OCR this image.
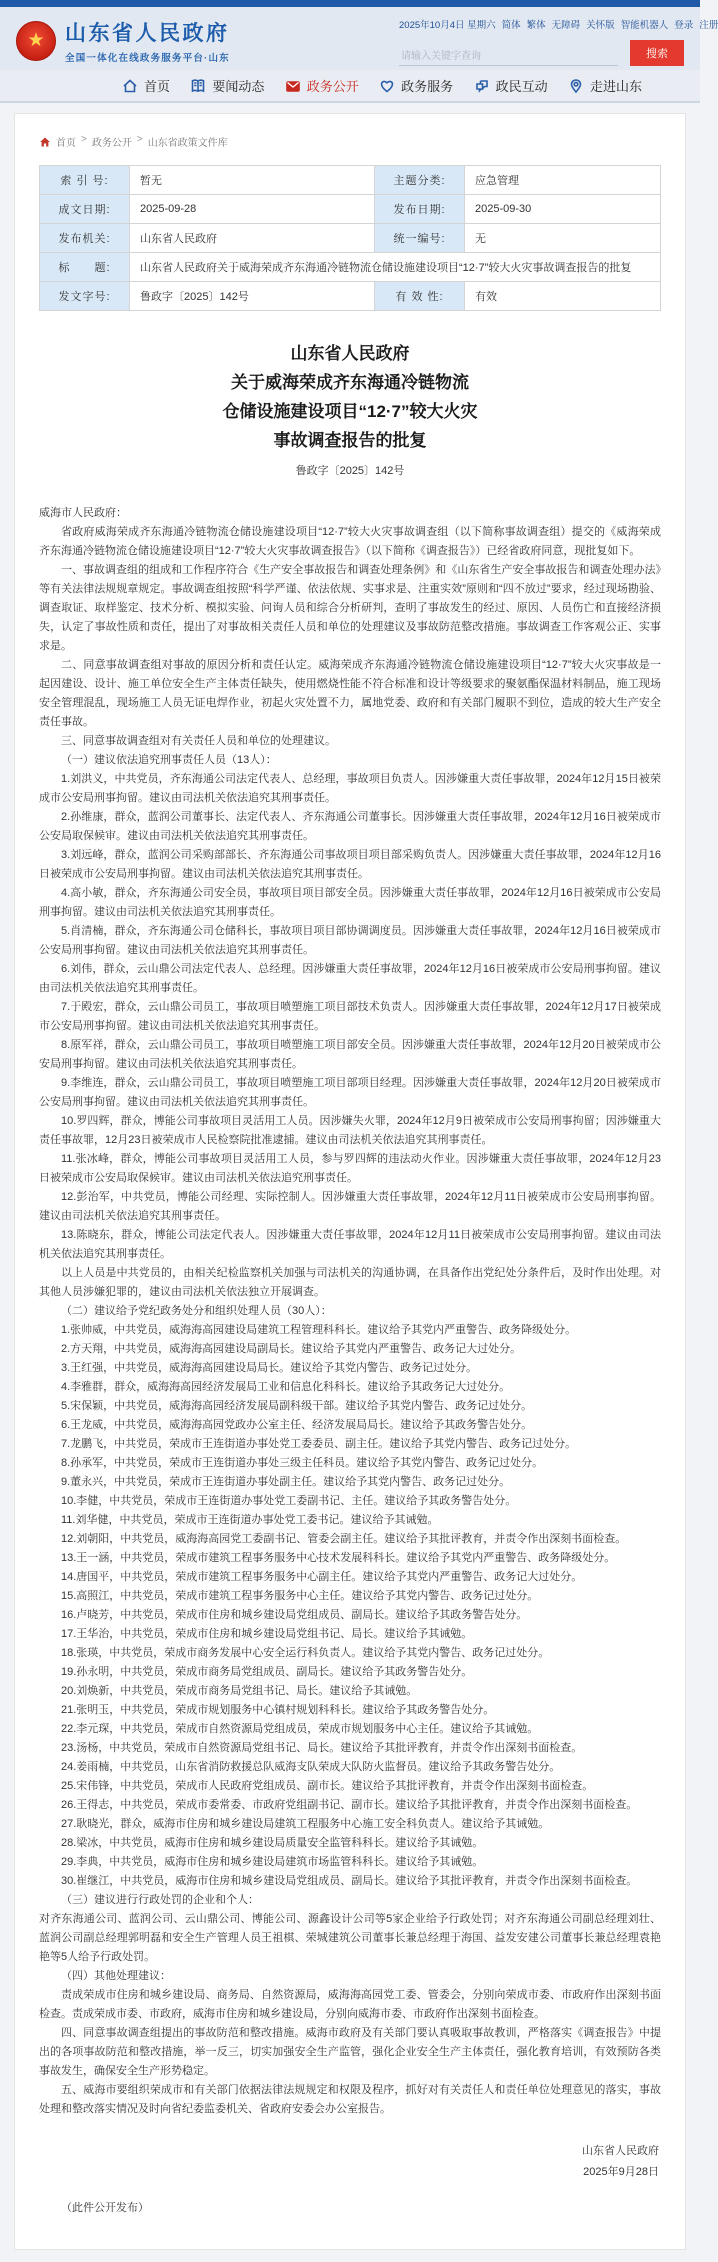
★ 山东省人民政府
全国一体化在线政务服务平台·山东
2025年10月4日 星期六 简体 繁体 无障碍 关怀版 智能机器人 登录 注册
请输入关键字查询
搜索
首页	要闻动态	政务公开	政务服务	政民互动	走进山东
首页 > 政务公开 > 山东省政策文件库
索 引 号:	暂无	主题分类:	应急管理
成文日期:	2025-09-28	发布日期:	2025-09-30
发布机关:	山东省人民政府	统一编号:	无
标　　题:	山东省人民政府关于威海荣成齐东海通冷链物流仓储设施建设项目“12·7”较大火灾事故调查报告的批复		
发文字号:	鲁政字〔2025〕142号	有 效 性:	有效
山东省人民政府
关于威海荣成齐东海通冷链物流
仓储设施建设项目“12·7”较大火灾
事故调查报告的批复
鲁政字〔2025〕142号

威海市人民政府：

省政府威海荣成齐东海通冷链物流仓储设施建设项目“12·7”较大火灾事故调查组（以下简称事故调查组）提交的《威海荣成齐东海通冷链物流仓储设施建设项目“12·7”较大火灾事故调查报告》（以下简称《调查报告》）已经省政府同意，现批复如下。

一、事故调查组的组成和工作程序符合《生产安全事故报告和调查处理条例》和《山东省生产安全事故报告和调查处理办法》等有关法律法规规章规定。事故调查组按照“科学严谨、依法依规、实事求是、注重实效”原则和“四不放过”要求，经过现场勘验、调查取证、取样鉴定、技术分析、模拟实验、问询人员和综合分析研判，查明了事故发生的经过、原因、人员伤亡和直接经济损失，认定了事故性质和责任，提出了对事故相关责任人员和单位的处理建议及事故防范整改措施。事故调查工作客观公正、实事求是。

二、同意事故调查组对事故的原因分析和责任认定。威海荣成齐东海通冷链物流仓储设施建设项目“12·7”较大火灾事故是一起因建设、设计、施工单位安全生产主体责任缺失，使用燃烧性能不符合标准和设计等级要求的聚氨酯保温材料制品，施工现场安全管理混乱，现场施工人员无证电焊作业，初起火灾处置不力，属地党委、政府和有关部门履职不到位，造成的较大生产安全责任事故。

三、同意事故调查组对有关责任人员和单位的处理建议。

（一）建议依法追究刑事责任人员（13人）：

1.刘洪义，中共党员，齐东海通公司法定代表人、总经理，事故项目负责人。因涉嫌重大责任事故罪，2024年12月15日被荣成市公安局刑事拘留。建议由司法机关依法追究其刑事责任。

2.孙维康，群众，蓝润公司董事长、法定代表人、齐东海通公司董事长。因涉嫌重大责任事故罪，2024年12月16日被荣成市公安局取保候审。建议由司法机关依法追究其刑事责任。

3.刘远峰，群众，蓝润公司采购部部长、齐东海通公司事故项目项目部采购负责人。因涉嫌重大责任事故罪，2024年12月16日被荣成市公安局刑事拘留。建议由司法机关依法追究其刑事责任。

4.高小敏，群众，齐东海通公司安全员，事故项目项目部安全员。因涉嫌重大责任事故罪，2024年12月16日被荣成市公安局刑事拘留。建议由司法机关依法追究其刑事责任。

5.肖清楠，群众，齐东海通公司仓储科长，事故项目项目部协调调度员。因涉嫌重大责任事故罪，2024年12月16日被荣成市公安局刑事拘留。建议由司法机关依法追究其刑事责任。

6.刘伟，群众，云山鼎公司法定代表人、总经理。因涉嫌重大责任事故罪，2024年12月16日被荣成市公安局刑事拘留。建议由司法机关依法追究其刑事责任。

7.于殿宏，群众，云山鼎公司员工，事故项目喷塑施工项目部技术负责人。因涉嫌重大责任事故罪，2024年12月17日被荣成市公安局刑事拘留。建议由司法机关依法追究其刑事责任。

8.原军祥，群众，云山鼎公司员工，事故项目喷塑施工项目部安全员。因涉嫌重大责任事故罪，2024年12月20日被荣成市公安局刑事拘留。建议由司法机关依法追究其刑事责任。

9.李维连，群众，云山鼎公司员工，事故项目喷塑施工项目部项目经理。因涉嫌重大责任事故罪，2024年12月20日被荣成市公安局刑事拘留。建议由司法机关依法追究其刑事责任。

10.罗四辉，群众，博能公司事故项目灵活用工人员。因涉嫌失火罪，2024年12月9日被荣成市公安局刑事拘留；因涉嫌重大责任事故罪，12月23日被荣成市人民检察院批准逮捕。建议由司法机关依法追究其刑事责任。

11.张冰峰，群众，博能公司事故项目灵活用工人员，参与罗四辉的违法动火作业。因涉嫌重大责任事故罪，2024年12月23日被荣成市公安局取保候审。建议由司法机关依法追究刑事责任。

12.彭治军，中共党员，博能公司经理、实际控制人。因涉嫌重大责任事故罪，2024年12月11日被荣成市公安局刑事拘留。建议由司法机关依法追究其刑事责任。

13.陈晓东，群众，博能公司法定代表人。因涉嫌重大责任事故罪，2024年12月11日被荣成市公安局刑事拘留。建议由司法机关依法追究其刑事责任。

以上人员是中共党员的，由相关纪检监察机关加强与司法机关的沟通协调，在具备作出党纪处分条件后，及时作出处理。对其他人员涉嫌犯罪的，建议由司法机关依法独立开展调查。

（二）建议给予党纪政务处分和组织处理人员（30人）：

1.张帅威，中共党员，威海海高园建设局建筑工程管理科科长。建议给予其党内严重警告、政务降级处分。

2.方天翔，中共党员，威海海高园建设局副局长。建议给予其党内严重警告、政务记大过处分。

3.王红强，中共党员，威海海高园建设局局长。建议给予其党内警告、政务记过处分。

4.李雅群，群众，威海海高园经济发展局工业和信息化科科长。建议给予其政务记大过处分。

5.宋保颖，中共党员，威海海高园经济发展局副科级干部。建议给予其党内警告、政务记过处分。

6.王龙威，中共党员，威海海高园党政办公室主任、经济发展局局长。建议给予其政务警告处分。

7.龙鹏飞，中共党员，荣成市王连街道办事处党工委委员、副主任。建议给予其党内警告、政务记过处分。

8.孙承军，中共党员，荣成市王连街道办事处三级主任科员。建议给予其党内警告、政务记过处分。

9.董永兴，中共党员，荣成市王连街道办事处副主任。建议给予其党内警告、政务记过处分。

10.李健，中共党员，荣成市王连街道办事处党工委副书记、主任。建议给予其政务警告处分。

11.刘华健，中共党员，荣成市王连街道办事处党工委书记。建议给予其诫勉。

12.刘朝阳，中共党员，威海海高园党工委副书记、管委会副主任。建议给予其批评教育，并责令作出深刻书面检查。

13.王一涵，中共党员，荣成市建筑工程事务服务中心技术发展科科长。建议给予其党内严重警告、政务降级处分。

14.唐国平，中共党员，荣成市建筑工程事务服务中心副主任。建议给予其党内严重警告、政务记大过处分。

15.高照江，中共党员，荣成市建筑工程事务服务中心主任。建议给予其党内警告、政务记过处分。

16.卢晓芳，中共党员，荣成市住房和城乡建设局党组成员、副局长。建议给予其政务警告处分。

17.王华治，中共党员，荣成市住房和城乡建设局党组书记、局长。建议给予其诫勉。

18.张瑛，中共党员，荣成市商务发展中心安全运行科负责人。建议给予其党内警告、政务记过处分。

19.孙永明，中共党员，荣成市商务局党组成员、副局长。建议给予其政务警告处分。

20.刘焕新，中共党员，荣成市商务局党组书记、局长。建议给予其诫勉。

21.张明玉，中共党员，荣成市规划服务中心镇村规划科科长。建议给予其政务警告处分。

22.李元琛，中共党员，荣成市自然资源局党组成员，荣成市规划服务中心主任。建议给予其诫勉。

23.汤杨，中共党员，荣成市自然资源局党组书记、局长。建议给予其批评教育，并责令作出深刻书面检查。

24.姜雨楠，中共党员，山东省消防救援总队威海支队荣成大队防火监督员。建议给予其政务警告处分。

25.宋伟锋，中共党员，荣成市人民政府党组成员、副市长。建议给予其批评教育，并责令作出深刻书面检查。

26.王得志，中共党员，荣成市委常委、市政府党组副书记、副市长。建议给予其批评教育，并责令作出深刻书面检查。

27.耿晓光，群众，威海市住房和城乡建设局建筑工程服务中心施工安全科负责人。建议给予其诫勉。

28.梁冰，中共党员，威海市住房和城乡建设局质量安全监管科科长。建议给予其诫勉。

29.李典，中共党员，威海市住房和城乡建设局建筑市场监管科科长。建议给予其诫勉。

30.崔继江，中共党员，威海市住房和城乡建设局党组成员、副局长。建议给予其批评教育，并责令作出深刻书面检查。

（三）建议进行行政处罚的企业和个人：

对齐东海通公司、蓝润公司、云山鼎公司、博能公司、源鑫设计公司等5家企业给予行政处罚；对齐东海通公司副总经理刘壮、蓝润公司副总经理郭明磊和安全生产管理人员王祖棋、荣城建筑公司董事长兼总经理于海国、益发安建公司董事长兼总经理袁艳艳等5人给予行政处罚。

（四）其他处理建议：

责成荣成市住房和城乡建设局、商务局、自然资源局，威海海高园党工委、管委会，分别向荣成市委、市政府作出深刻书面检查。责成荣成市委、市政府，威海市住房和城乡建设局，分别向威海市委、市政府作出深刻书面检查。

四、同意事故调查组提出的事故防范和整改措施。威海市政府及有关部门要认真吸取事故教训，严格落实《调查报告》中提出的各项事故防范和整改措施，举一反三，切实加强安全生产监管，强化企业安全生产主体责任，强化教育培训，有效预防各类事故发生，确保安全生产形势稳定。

五、威海市要组织荣成市和有关部门依据法律法规规定和权限及程序，抓好对有关责任人和责任单位处理意见的落实，事故处理和整改落实情况及时向省纪委监委机关、省政府安委会办公室报告。

山东省人民政府
2025年9月28日
（此件公开发布）
